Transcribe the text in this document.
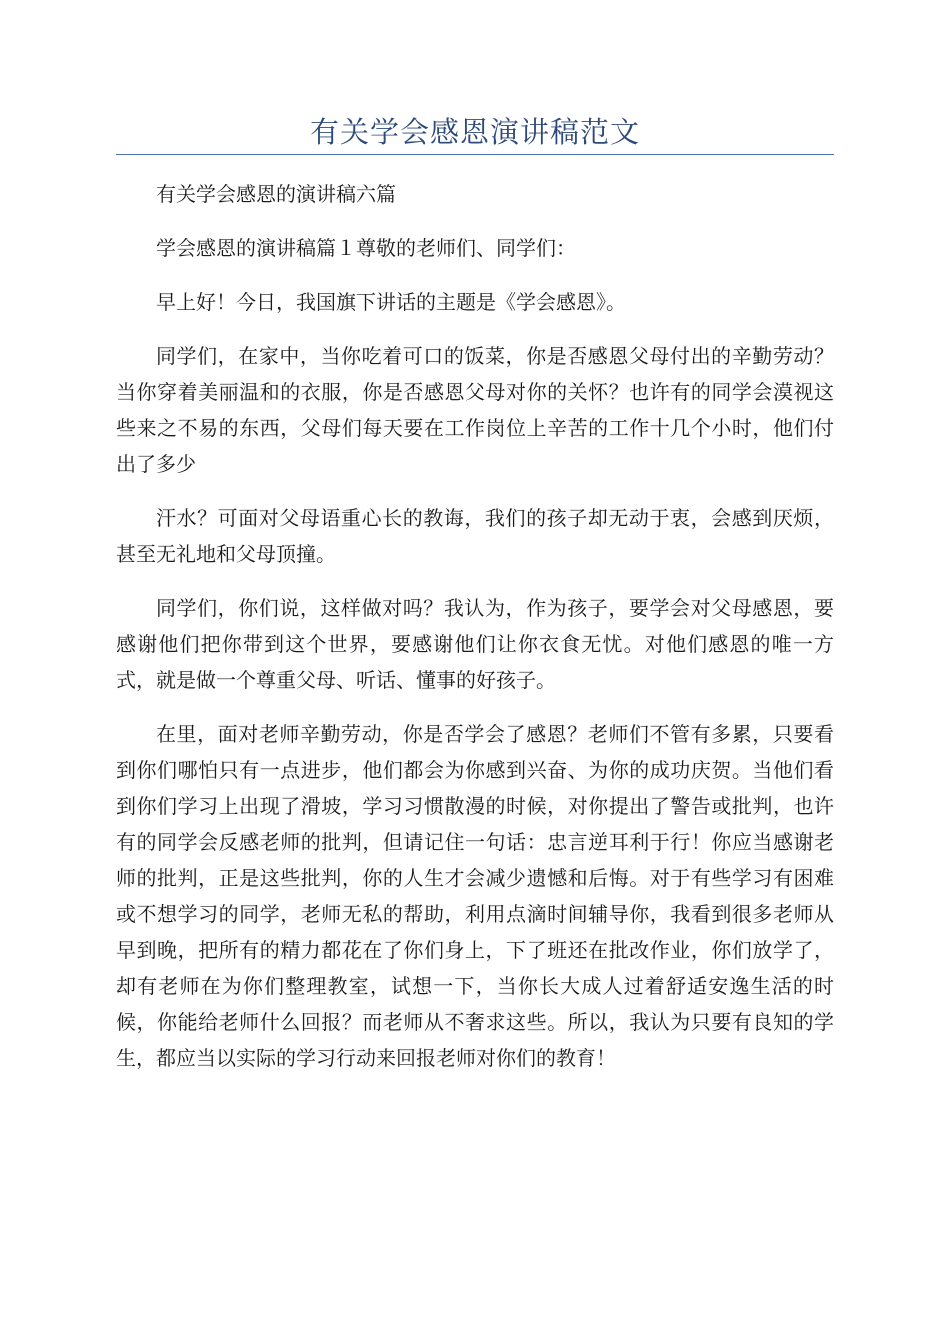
有关学会感恩演讲稿范文

有关学会感恩的演讲稿六篇

学会感恩的演讲稿篇１尊敬的老师们、同学们：

早上好！今日，我国旗下讲话的主题是《学会感恩》。

同学们，在家中，当你吃着可口的饭菜，你是否感恩父母付出的辛勤劳动？当你穿着美丽温和的衣服，你是否感恩父母对你的关怀？也许有的同学会漠视这些来之不易的东西，父母们每天要在工作岗位上辛苦的工作十几个小时，他们付出了多少

汗水？可面对父母语重心长的教诲，我们的孩子却无动于衷，会感到厌烦，甚至无礼地和父母顶撞。

同学们，你们说，这样做对吗？我认为，作为孩子，要学会对父母感恩，要感谢他们把你带到这个世界，要感谢他们让你衣食无忧。对他们感恩的唯一方式，就是做一个尊重父母、听话、懂事的好孩子。

在里，面对老师辛勤劳动，你是否学会了感恩？老师们不管有多累，只要看到你们哪怕只有一点进步，他们都会为你感到兴奋、为你的成功庆贺。当他们看到你们学习上出现了滑坡，学习习惯散漫的时候，对你提出了警告或批判，也许有的同学会反感老师的批判，但请记住一句话：忠言逆耳利于行！你应当感谢老师的批判，正是这些批判，你的人生才会减少遗憾和后悔。对于有些学习有困难或不想学习的同学，老师无私的帮助，利用点滴时间辅导你，我看到很多老师从早到晚，把所有的精力都花在了你们身上，下了班还在批改作业，你们放学了，却有老师在为你们整理教室，试想一下，当你长大成人过着舒适安逸生活的时候，你能给老师什么回报？而老师从不奢求这些。所以，我认为只要有良知的学生，都应当以实际的学习行动来回报老师对你们的教育！
